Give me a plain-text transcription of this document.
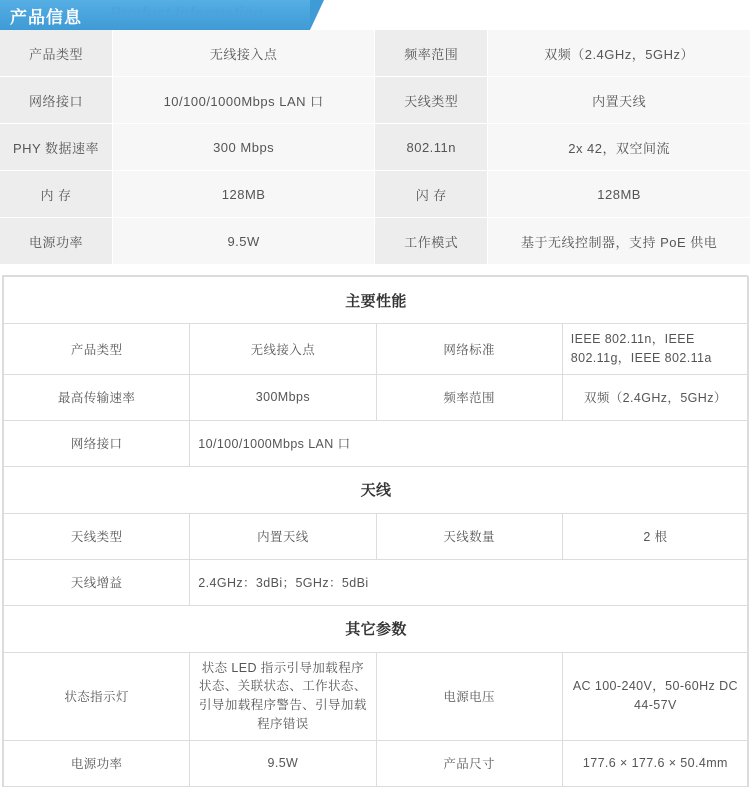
产品信息 Product Information
产品类型	无线接入点	频率范围	双频（2.4GHz，5GHz）
网络接口	10/100/1000Mbps LAN 口	天线类型	内置天线
PHY 数据速率	300 Mbps	802.11n	2x 42，双空间流
内 存	128MB	闪 存	128MB
电源功率	9.5W	工作模式	基于无线控制器，支持 PoE 供电
主要性能			
产品类型	无线接入点	网络标准	IEEE 802.11n，IEEE 802.11g，IEEE 802.11a
最高传输速率	300Mbps	频率范围	双频（2.4GHz，5GHz）
网络接口	10/100/1000Mbps LAN 口		
天线			
天线类型	内置天线	天线数量	2 根
天线增益	2.4GHz：3dBi；5GHz：5dBi		
其它参数			
状态指示灯	状态 LED 指示引导加载程序状态、关联状态、工作状态、引导加载程序警告、引导加载程序错误	电源电压	AC 100-240V，50-60Hz DC 44-57V
电源功率	9.5W	产品尺寸	177.6 × 177.6 × 50.4mm
